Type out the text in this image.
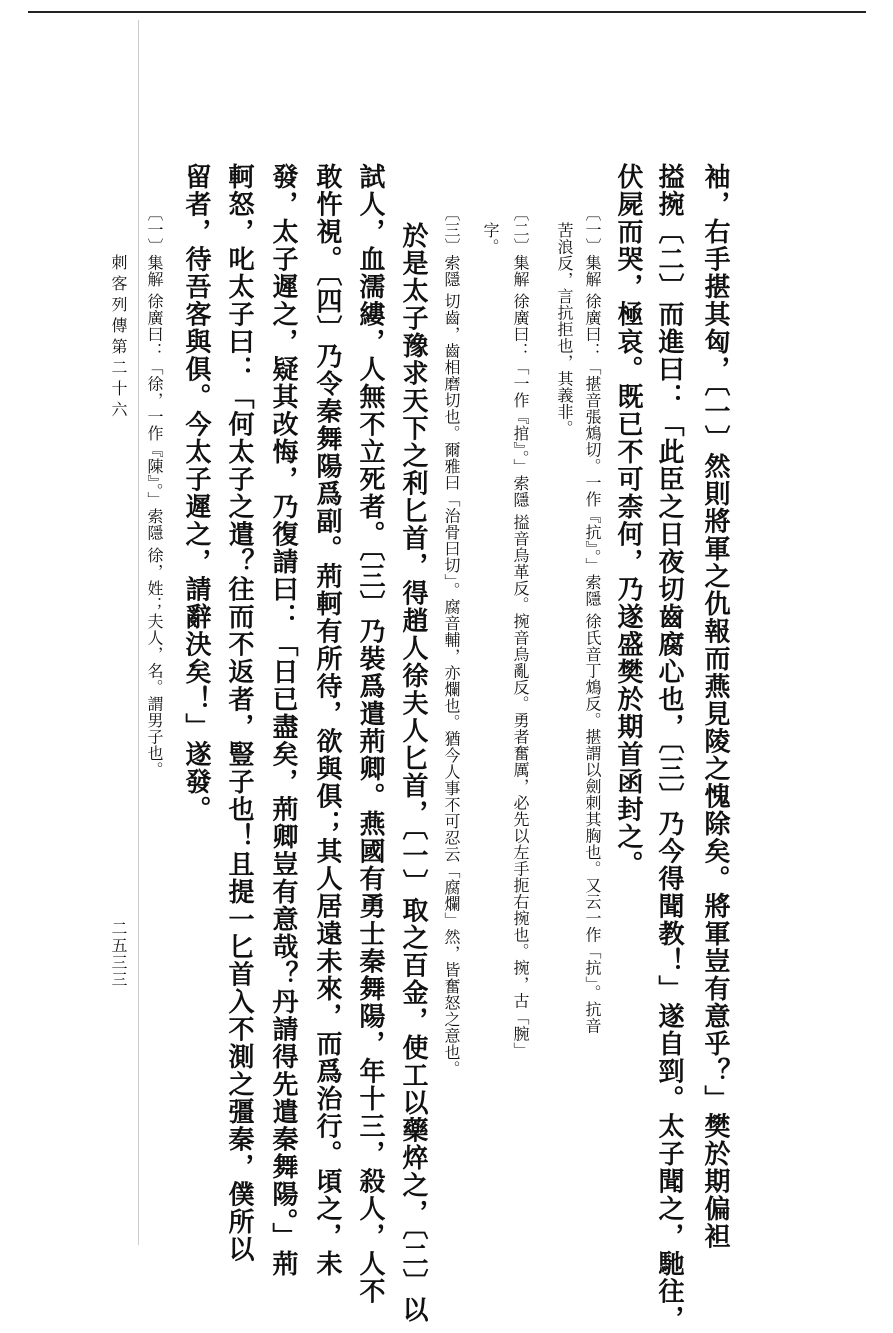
袖，右手揕其匈，〔一〕然則將軍之仇報而燕見陵之愧除矣。將軍豈有意乎？」樊於期偏袒
搤捥〔二〕而進曰：「此臣之日夜切齒腐心也，〔三〕乃今得聞教！」遂自剄。太子聞之，馳往，
伏屍而哭，極哀。既已不可柰何，乃遂盛樊於期首函封之。
〔一〕集解 徐廣曰：「揕音張鴆切。一作『抗』。」索隱 徐氏音丁鴆反。揕謂以劍刺其胸也。又云一作「抗」。抗音
苦浪反，言抗拒也，其義非。
〔二〕集解 徐廣曰：「一作『捾』。」索隱 搤音烏革反。捥音烏亂反。勇者奮厲，必先以左手扼右捥也。捥，古「腕」
字。
〔三〕索隱 切齒，齒相磨切也。爾雅曰「治骨曰切」。腐音輔，亦爛也。猶今人事不可忍云「腐爛」然，皆奮怒之意也。
於是太子豫求天下之利匕首，得趙人徐夫人匕首，〔一〕取之百金，使工以藥焠之，〔二〕以
試人，血濡縷，人無不立死者。〔三〕乃裝爲遣荊卿。燕國有勇士秦舞陽，年十三，殺人，人不
敢忤視。〔四〕乃令秦舞陽爲副。荊軻有所待，欲與俱；其人居遠未來，而爲治行。頃之，未
發，太子遲之，疑其改悔，乃復請曰：「日已盡矣，荊卿豈有意哉？丹請得先遣秦舞陽。」荊
軻怒，叱太子曰：「何太子之遣？往而不返者，豎子也！且提一匕首入不測之彊秦，僕所以
留者，待吾客與俱。今太子遲之，請辭決矣！」遂發。
〔一〕集解 徐廣曰：「徐，一作『陳』。」索隱 徐，姓；夫人，名。謂男子也。
刺客列傳第二十六
二五三三
